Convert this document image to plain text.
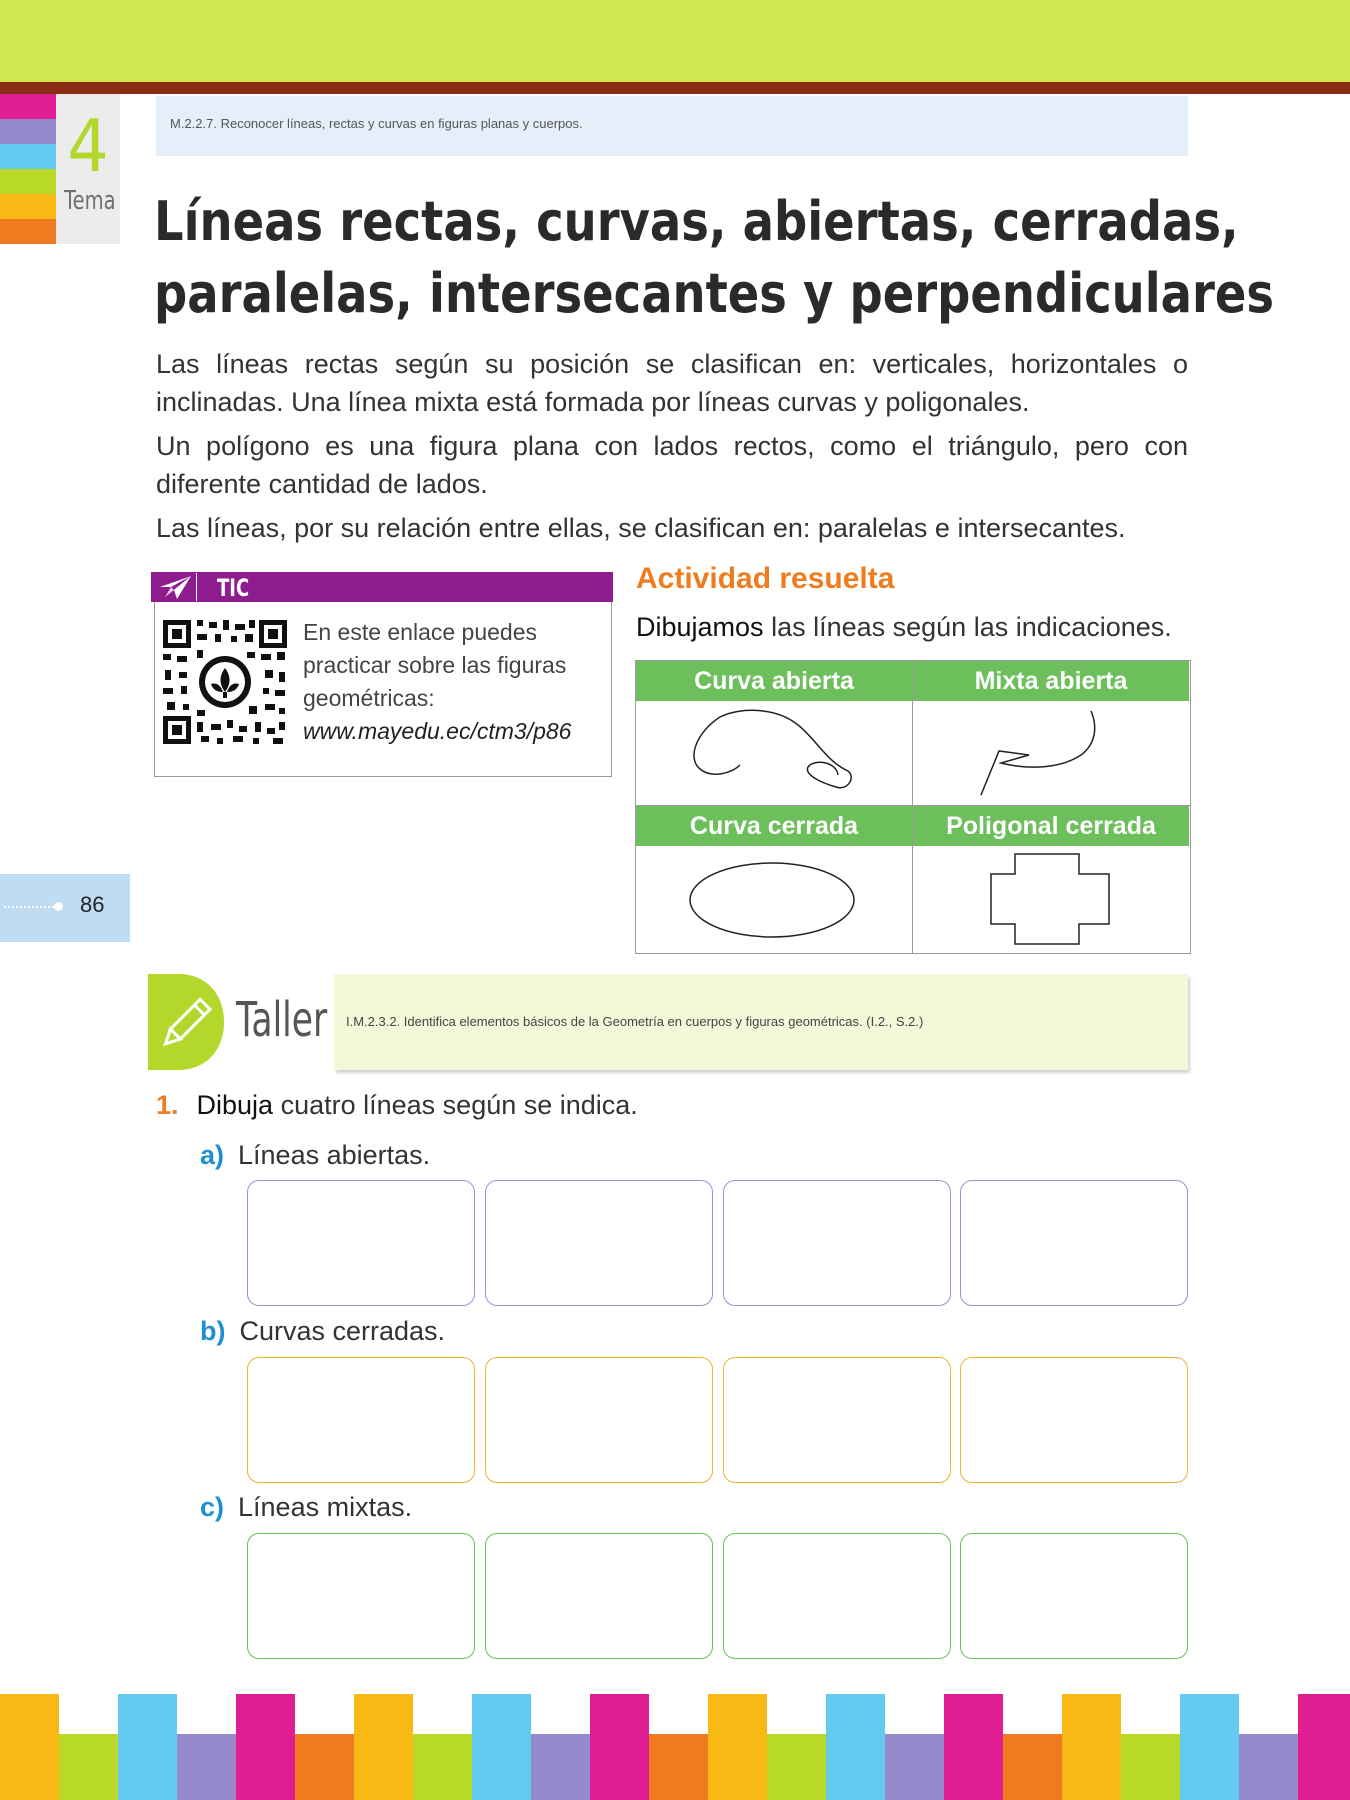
4
Tema
M.2.2.7. Reconocer líneas, rectas y curvas en figuras planas y cuerpos.
Líneas rectas, curvas, abiertas, cerradas,
paralelas, intersecantes y perpendiculares

Las líneas rectas según su posición se clasifican en: verticales, horizontales o inclinadas. Una línea mixta está formada por líneas curvas y poligonales.

Un polígono es una figura plana con lados rectos, como el triángulo, pero con diferente cantidad de lados.

Las líneas, por su relación entre ellas, se clasifican en: paralelas e intersecantes.

TIC
En este enlace puedes practicar sobre las figuras geométricas:
www.mayedu.ec/ctm3/p86
Actividad resuelta
Dibujamos las líneas según las indicaciones.
Curva abierta	Mixta abierta
Curva cerrada	Poligonal cerrada
86
Taller I.M.2.3.2. Identifica elementos básicos de la Geometría en cuerpos y figuras geométricas. (I.2., S.2.)
1. Dibuja cuatro líneas según se indica.
a) Líneas abiertas.
b) Curvas cerradas.
c) Líneas mixtas.
